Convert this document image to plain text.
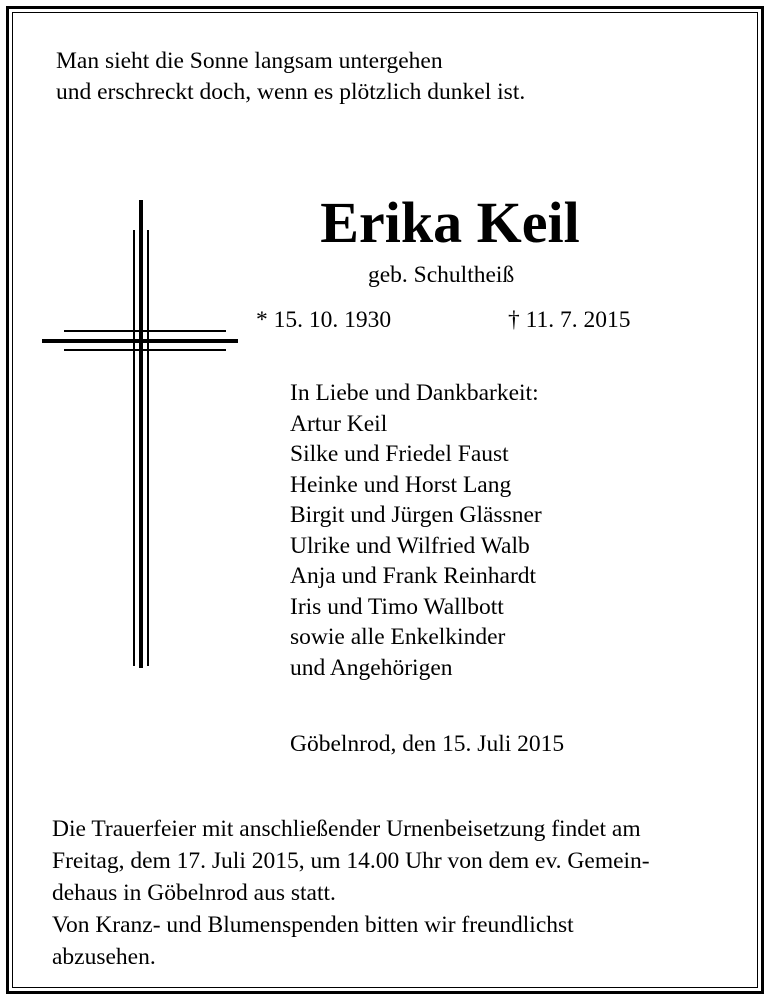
Man sieht die Sonne langsam untergehen
und erschreckt doch, wenn es plötzlich dunkel ist.
Erika Keil
geb. Schultheiß
* 15. 10. 1930	† 11. 7. 2015
In Liebe und Dankbarkeit:
Artur Keil
Silke und Friedel Faust
Heinke und Horst Lang
Birgit und Jürgen Glässner
Ulrike und Wilfried Walb
Anja und Frank Reinhardt
Iris und Timo Wallbott
sowie alle Enkelkinder
und Angehörigen
Göbelnrod, den 15. Juli 2015
Die Trauerfeier mit anschließender Urnenbeisetzung findet am
Freitag, dem 17. Juli 2015, um 14.00 Uhr von dem ev. Gemein-
dehaus in Göbelnrod aus statt.
Von Kranz- und Blumenspenden bitten wir freundlichst
abzusehen.
